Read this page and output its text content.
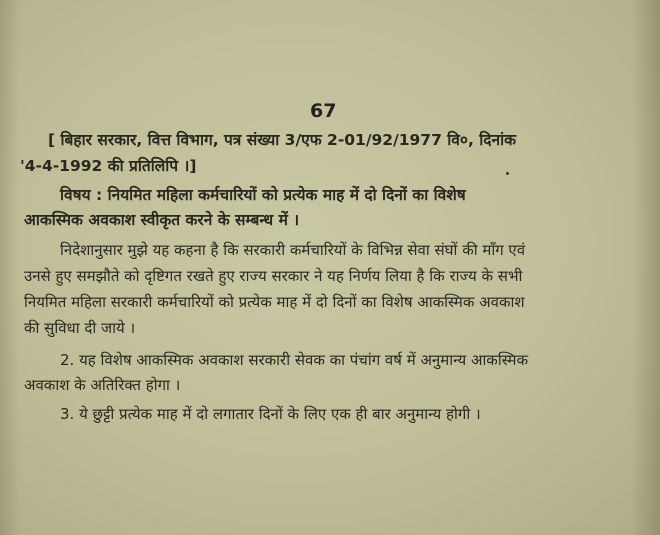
67
[ बिहार सरकार, वित्त विभाग, पत्र संख्या 3/एफ 2-01/92/1977 वि०, दिनांक
'4-4-1992 की प्रतिलिपि ।]
विषय : नियमित महिला कर्मचारियों को प्रत्येक माह में दो दिनों का विशेष
आकस्मिक अवकाश स्वीकृत करने के सम्बन्ध में ।
निदेशानुसार मुझे यह कहना है कि सरकारी कर्मचारियों के विभिन्न सेवा संघों की माँग एवं
उनसे हुए समझौते को दृष्टिगत रखते हुए राज्य सरकार ने यह निर्णय लिया है कि राज्य के सभी
नियमित महिला सरकारी कर्मचारियों को प्रत्येक माह में दो दिनों का विशेष आकस्मिक अवकाश
की सुविधा दी जाये ।
2. यह विशेष आकस्मिक अवकाश सरकारी सेवक का पंचांग वर्ष में अनुमान्य आकस्मिक
अवकाश के अतिरिक्त होगा ।
3. ये छुट्टी प्रत्येक माह में दो लगातार दिनों के लिए एक ही बार अनुमान्य होगी ।
